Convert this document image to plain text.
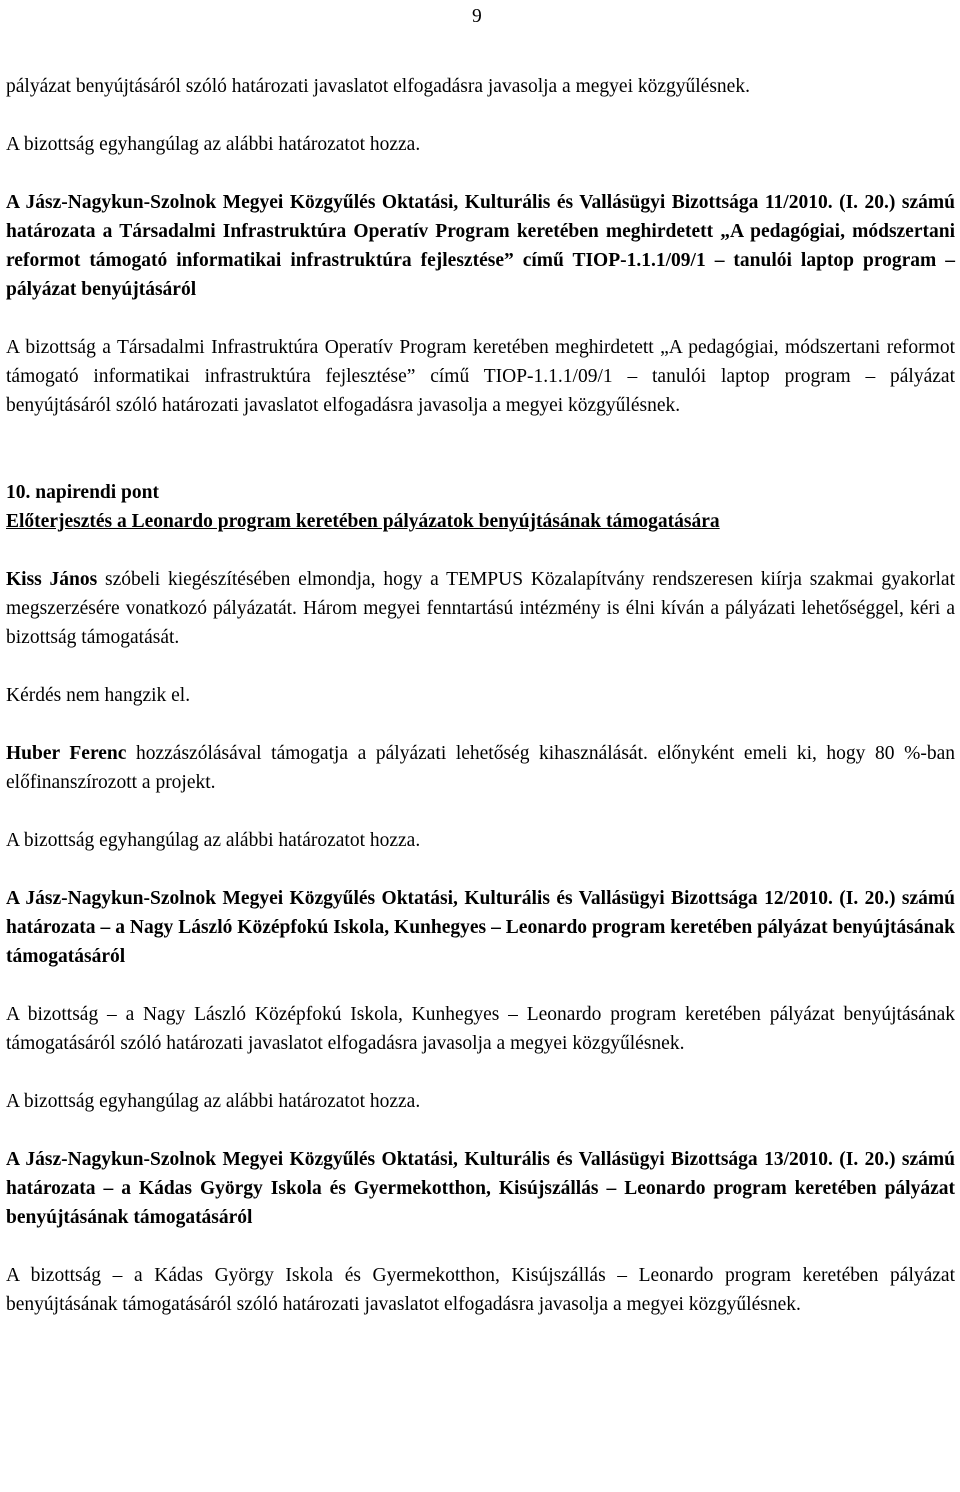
9

pályázat benyújtásáról szóló határozati javaslatot elfogadásra javasolja a megyei közgyűlésnek.

A bizottság egyhangúlag az alábbi határozatot hozza.

A Jász-Nagykun-Szolnok Megyei Közgyűlés Oktatási, Kulturális és Vallásügyi Bizottsága 11/2010. (I. 20.) számú határozata a Társadalmi Infrastruktúra Operatív Program keretében meghirdetett „A pedagógiai, módszertani reformot támogató informatikai infrastruktúra fejlesztése” című TIOP-1.1.1/09/1 – tanulói laptop program – pályázat benyújtásáról

A bizottság a Társadalmi Infrastruktúra Operatív Program keretében meghirdetett „A pedagógiai, módszertani reformot támogató informatikai infrastruktúra fejlesztése” című TIOP-1.1.1/09/1 – tanulói laptop program – pályázat benyújtásáról szóló határozati javaslatot elfogadásra javasolja a megyei közgyűlésnek.

10. napirendi pont

Előterjesztés a Leonardo program keretében pályázatok benyújtásának támogatására

Kiss János szóbeli kiegészítésében elmondja, hogy a TEMPUS Közalapítvány rendszeresen kiírja szakmai gyakorlat megszerzésére vonatkozó pályázatát. Három megyei fenntartású intézmény is élni kíván a pályázati lehetőséggel, kéri a bizottság támogatását.

Kérdés nem hangzik el.

Huber Ferenc hozzászólásával támogatja a pályázati lehetőség kihasználását. előnyként emeli ki, hogy 80 %-ban előfinanszírozott a projekt.

A bizottság egyhangúlag az alábbi határozatot hozza.

A Jász-Nagykun-Szolnok Megyei Közgyűlés Oktatási, Kulturális és Vallásügyi Bizottsága 12/2010. (I. 20.) számú határozata – a Nagy László Középfokú Iskola, Kunhegyes – Leonardo program keretében pályázat benyújtásának támogatásáról

A bizottság – a Nagy László Középfokú Iskola, Kunhegyes – Leonardo program keretében pályázat benyújtásának támogatásáról szóló határozati javaslatot elfogadásra javasolja a megyei közgyűlésnek.

A bizottság egyhangúlag az alábbi határozatot hozza.

A Jász-Nagykun-Szolnok Megyei Közgyűlés Oktatási, Kulturális és Vallásügyi Bizottsága 13/2010. (I. 20.) számú határozata – a Kádas György Iskola és Gyermekotthon, Kisújszállás – Leonardo program keretében pályázat benyújtásának támogatásáról

A bizottság – a Kádas György Iskola és Gyermekotthon, Kisújszállás – Leonardo program keretében pályázat benyújtásának támogatásáról szóló határozati javaslatot elfogadásra javasolja a megyei közgyűlésnek.
